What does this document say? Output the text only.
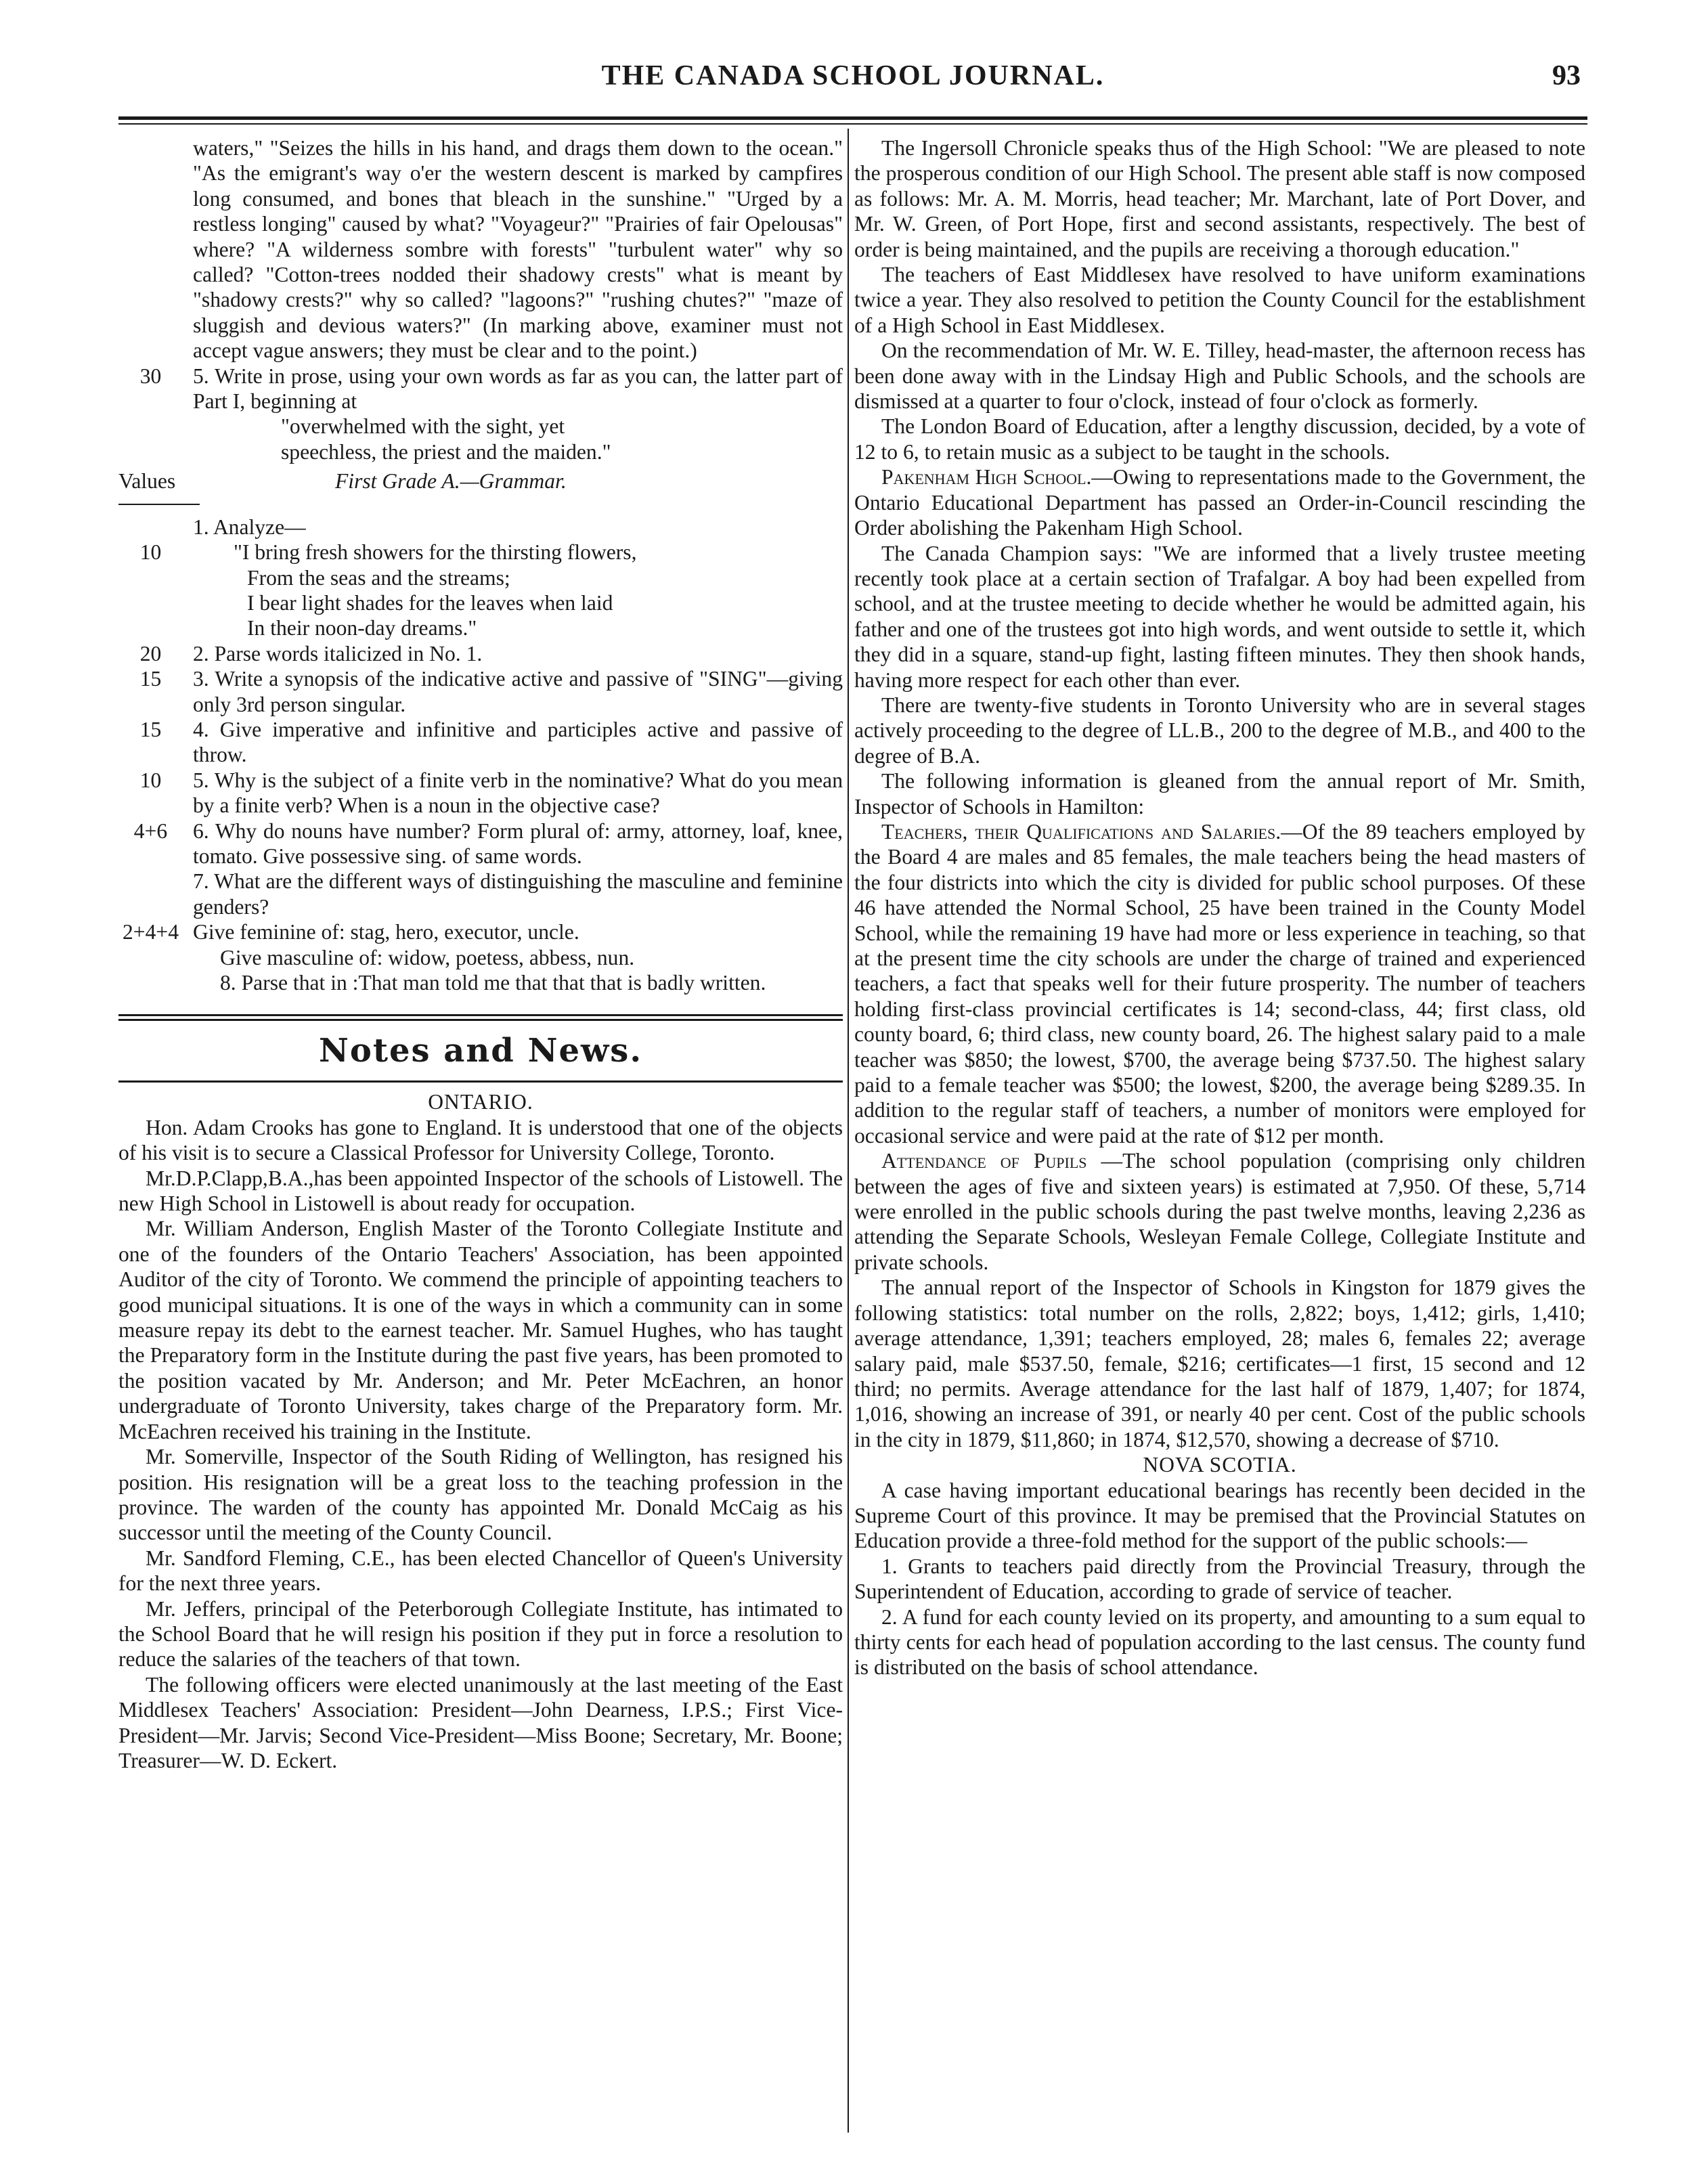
THE CANADA SCHOOL JOURNAL.	93

waters," "Seizes the hills in his hand, and drags them down to the ocean." "As the emigrant's way o'er the western descent is marked by campfires long consumed, and bones that bleach in the sunshine." "Urged by a restless longing" caused by what? "Voyageur?" "Prairies of fair Opelousas" where? "A wilderness sombre with forests" "turbulent water" why so called? "Cotton-trees nodded their shadowy crests" what is meant by "shadowy crests?" why so called? "lagoons?" "rushing chutes?" "maze of sluggish and devious waters?" (In marking above, examiner must not accept vague answers; they must be clear and to the point.)

30	5. Write in prose, using your own words as far as you can, the latter part of Part I, beginning at

"overwhelmed with the sight, yet

speechless, the priest and the maiden."

Values	First Grade A.—Grammar.

1. Analyze—

10	"I bring fresh showers for the thirsting flowers,

From the seas and the streams;

I bear light shades for the leaves when laid

In their noon-day dreams."

20	2. Parse words italicized in No. 1.
15	3. Write a synopsis of the indicative active and passive of "SING"—giving only 3rd person singular.
15	4. Give imperative and infinitive and participles active and passive of throw.
10	5. Why is the subject of a finite verb in the nominative? What do you mean by a finite verb? When is a noun in the objective case?
4+6	6. Why do nouns have number? Form plural of: army, attorney, loaf, knee, tomato. Give possessive sing. of same words.
7. What are the different ways of distinguishing the masculine and feminine genders?
2+4+4 Give feminine of: stag, hero, executor, uncle.

Give masculine of: widow, poetess, abbess, nun.

8. Parse that in :That man told me that that that is badly written.

Notes and News.

ONTARIO.

Hon. Adam Crooks has gone to England. It is understood that one of the objects of his visit is to secure a Classical Professor for University College, Toronto.

Mr.D.P.Clapp,B.A.,has been appointed Inspector of the schools of Listowell. The new High School in Listowell is about ready for occupation.

Mr. William Anderson, English Master of the Toronto Collegiate Institute and one of the founders of the Ontario Teachers' Association, has been appointed Auditor of the city of Toronto. We commend the principle of appointing teachers to good municipal situations. It is one of the ways in which a community can in some measure repay its debt to the earnest teacher. Mr. Samuel Hughes, who has taught the Preparatory form in the Institute during the past five years, has been promoted to the position vacated by Mr. Anderson; and Mr. Peter McEachren, an honor undergraduate of Toronto University, takes charge of the Preparatory form. Mr. McEachren received his training in the Institute.

Mr. Somerville, Inspector of the South Riding of Wellington, has resigned his position. His resignation will be a great loss to the teaching profession in the province. The warden of the county has appointed Mr. Donald McCaig as his successor until the meeting of the County Council.

Mr. Sandford Fleming, C.E., has been elected Chancellor of Queen's University for the next three years.

Mr. Jeffers, principal of the Peterborough Collegiate Institute, has intimated to the School Board that he will resign his position if they put in force a resolution to reduce the salaries of the teachers of that town.

The following officers were elected unanimously at the last meeting of the East Middlesex Teachers' Association: President—John Dearness, I.P.S.; First Vice-President—Mr. Jarvis; Second Vice-President—Miss Boone; Secretary, Mr. Boone; Treasurer—W. D. Eckert.

The Ingersoll Chronicle speaks thus of the High School: "We are pleased to note the prosperous condition of our High School. The present able staff is now composed as follows: Mr. A. M. Morris, head teacher; Mr. Marchant, late of Port Dover, and Mr. W. Green, of Port Hope, first and second assistants, respectively. The best of order is being maintained, and the pupils are receiving a thorough education."

The teachers of East Middlesex have resolved to have uniform examinations twice a year. They also resolved to petition the County Council for the establishment of a High School in East Middlesex.

On the recommendation of Mr. W. E. Tilley, head-master, the afternoon recess has been done away with in the Lindsay High and Public Schools, and the schools are dismissed at a quarter to four o'clock, instead of four o'clock as formerly.

The London Board of Education, after a lengthy discussion, decided, by a vote of 12 to 6, to retain music as a subject to be taught in the schools.

Pakenham High School.—Owing to representations made to the Government, the Ontario Educational Department has passed an Order-in-Council rescinding the Order abolishing the Pakenham High School.

The Canada Champion says: "We are informed that a lively trustee meeting recently took place at a certain section of Trafalgar. A boy had been expelled from school, and at the trustee meeting to decide whether he would be admitted again, his father and one of the trustees got into high words, and went outside to settle it, which they did in a square, stand-up fight, lasting fifteen minutes. They then shook hands, having more respect for each other than ever.

There are twenty-five students in Toronto University who are in several stages actively proceeding to the degree of LL.B., 200 to the degree of M.B., and 400 to the degree of B.A.

The following information is gleaned from the annual report of Mr. Smith, Inspector of Schools in Hamilton:

Teachers, their Qualifications and Salaries.—Of the 89 teachers employed by the Board 4 are males and 85 females, the male teachers being the head masters of the four districts into which the city is divided for public school purposes. Of these 46 have attended the Normal School, 25 have been trained in the County Model School, while the remaining 19 have had more or less experience in teaching, so that at the present time the city schools are under the charge of trained and experienced teachers, a fact that speaks well for their future prosperity. The number of teachers holding first-class provincial certificates is 14; second-class, 44; first class, old county board, 6; third class, new county board, 26. The highest salary paid to a male teacher was $850; the lowest, $700, the average being $737.50. The highest salary paid to a female teacher was $500; the lowest, $200, the average being $289.35. In addition to the regular staff of teachers, a number of monitors were employed for occasional service and were paid at the rate of $12 per month.

Attendance of Pupils —The school population (comprising only children between the ages of five and sixteen years) is estimated at 7,950. Of these, 5,714 were enrolled in the public schools during the past twelve months, leaving 2,236 as attending the Separate Schools, Wesleyan Female College, Collegiate Institute and private schools.

The annual report of the Inspector of Schools in Kingston for 1879 gives the following statistics: total number on the rolls, 2,822; boys, 1,412; girls, 1,410; average attendance, 1,391; teachers employed, 28; males 6, females 22; average salary paid, male $537.50, female, $216; certificates—1 first, 15 second and 12 third; no permits. Average attendance for the last half of 1879, 1,407; for 1874, 1,016, showing an increase of 391, or nearly 40 per cent. Cost of the public schools in the city in 1879, $11,860; in 1874, $12,570, showing a decrease of $710.

NOVA SCOTIA.

A case having important educational bearings has recently been decided in the Supreme Court of this province. It may be premised that the Provincial Statutes on Education provide a three-fold method for the support of the public schools:—

1. Grants to teachers paid directly from the Provincial Treasury, through the Superintendent of Education, according to grade of service of teacher.

2. A fund for each county levied on its property, and amounting to a sum equal to thirty cents for each head of population according to the last census. The county fund is distributed on the basis of school attendance.
